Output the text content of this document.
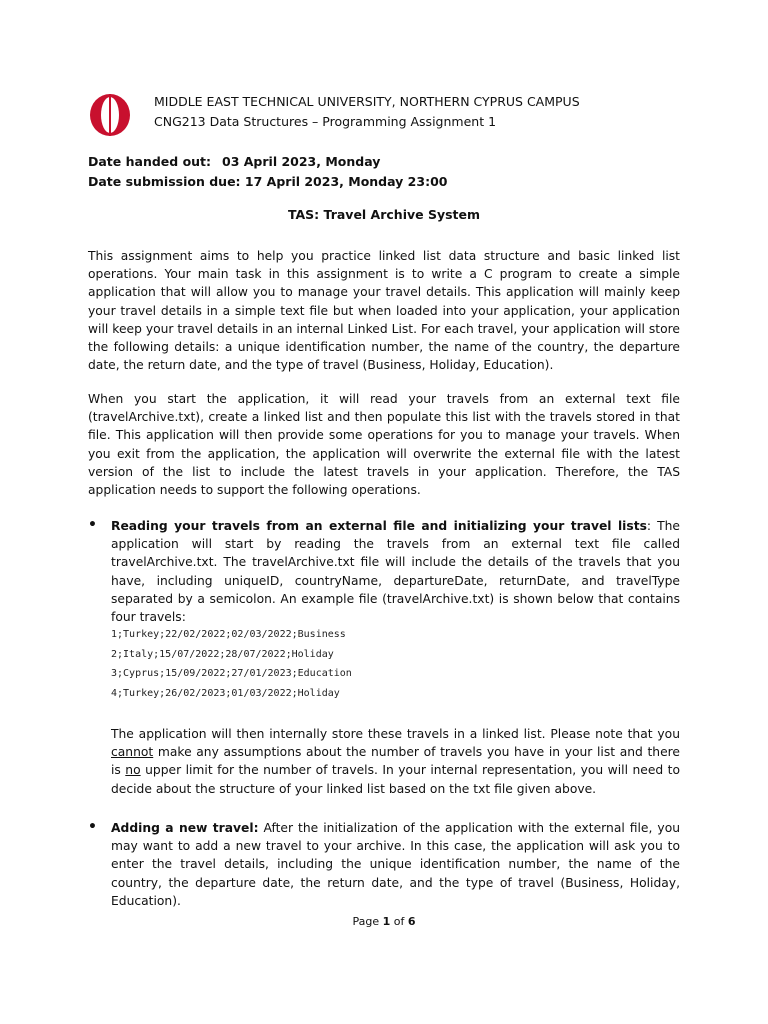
MIDDLE EAST TECHNICAL UNIVERSITY, NORTHERN CYPRUS CAMPUS
CNG213 Data Structures – Programming Assignment 1
Date handed out: 03 April 2023, Monday
Date submission due: 17 April 2023, Monday 23:00
TAS: Travel Archive System
This assignment aims to help you practice linked list data structure and basic linked list operations. Your main task in this assignment is to write a C program to create a simple application that will allow you to manage your travel details. This application will mainly keep your travel details in a simple text file but when loaded into your application, your application will keep your travel details in an internal Linked List. For each travel, your application will store the following details: a unique identification number, the name of the country, the departure date, the return date, and the type of travel (Business, Holiday, Education).
When you start the application, it will read your travels from an external text file (travelArchive.txt), create a linked list and then populate this list with the travels stored in that file. This application will then provide some operations for you to manage your travels. When you exit from the application, the application will overwrite the external file with the latest version of the list to include the latest travels in your application. Therefore, the TAS application needs to support the following operations.
• Reading your travels from an external file and initializing your travel lists: The application will start by reading the travels from an external text file called travelArchive.txt. The travelArchive.txt file will include the details of the travels that you have, including uniqueID, countryName, departureDate, returnDate, and travelType separated by a semicolon. An example file (travelArchive.txt) is shown below that contains four travels:
1;Turkey;22/02/2022;02/03/2022;Business
2;Italy;15/07/2022;28/07/2022;Holiday
3;Cyprus;15/09/2022;27/01/2023;Education
4;Turkey;26/02/2023;01/03/2022;Holiday
The application will then internally store these travels in a linked list. Please note that you cannot make any assumptions about the number of travels you have in your list and there is no upper limit for the number of travels. In your internal representation, you will need to decide about the structure of your linked list based on the txt file given above.
• Adding a new travel: After the initialization of the application with the external file, you may want to add a new travel to your archive. In this case, the application will ask you to enter the travel details, including the unique identification number, the name of the country, the departure date, the return date, and the type of travel (Business, Holiday, Education).
Page 1 of 6
